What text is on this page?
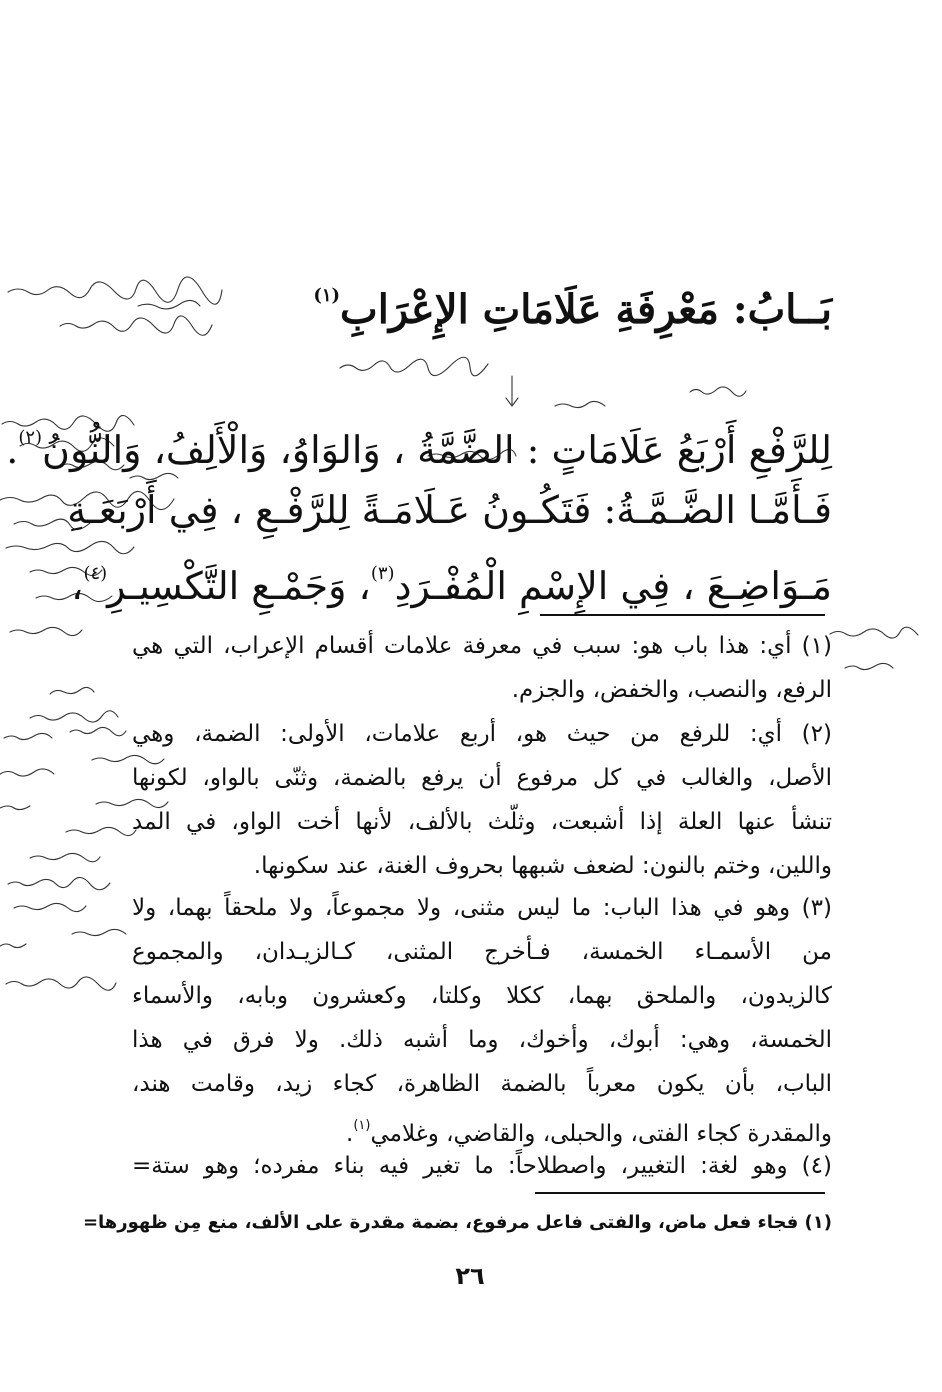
بَــابُ: مَعْرِفَةِ عَلَامَاتِ الإِعْرَابِ$^{(١)}$
لِلرَّفْعِ أَرْبَعُ عَلَامَاتٍ : الضَّمَّةُ ، وَالوَاوُ، وَالْأَلِفُ، وَالنُّونُ$^{(٢)}$.
فَـأَمَّـا الضَّـمَّـةُ: فَتَكُـونُ عَـلَامَـةً لِلرَّفْـعِ ، فِي أَرْبَعَـةِ
مَـوَاضِـعَ ، فِي الإِسْمِ الْمُفْـرَدِ$^{(٣)}$، وَجَمْـعِ التَّكْسِيـرِ$^{(٤)}$،
(١) أي: هذا باب هو: سبب في معرفة علامات أقسام الإعراب، التي هي
الرفع، والنصب، والخفض، والجزم.
(٢) أي: للرفع من حيث هو، أربع علامات، الأولى: الضمة، وهي
الأصل، والغالب في كل مرفوع أن يرفع بالضمة، وثنّى بالواو، لكونها
تنشأ عنها العلة إذا أشبعت، وثلّث بالألف، لأنها أخت الواو، في المد
واللين، وختم بالنون: لضعف شبهها بحروف الغنة، عند سكونها.
(٣) وهو في هذا الباب: ما ليس مثنى، ولا مجموعاً، ولا ملحقاً بهما، ولا
من الأسمـاء الخمسة، فـأخرج المثنى، كـالزيـدان، والمجموع
كالزيدون، والملحق بهما، ككلا وكلتا، وكعشرون وبابه، والأسماء
الخمسة، وهي: أبوك، وأخوك، وما أشبه ذلك. ولا فرق في هذا
الباب، بأن يكون معرباً بالضمة الظاهرة، كجاء زيد، وقامت هند،
والمقدرة كجاء الفتى، والحبلى، والقاضي، وغلامي$^{(١)}$.
(٤) وهو لغة: التغيير، واصطلاحاً: ما تغير فيه بناء مفرده؛ وهو ستة=
(١) فجاء فعل ماض، والفتى فاعل مرفوع، بضمة مقدرة على الألف، منع مِن ظهورها=
٢٦
